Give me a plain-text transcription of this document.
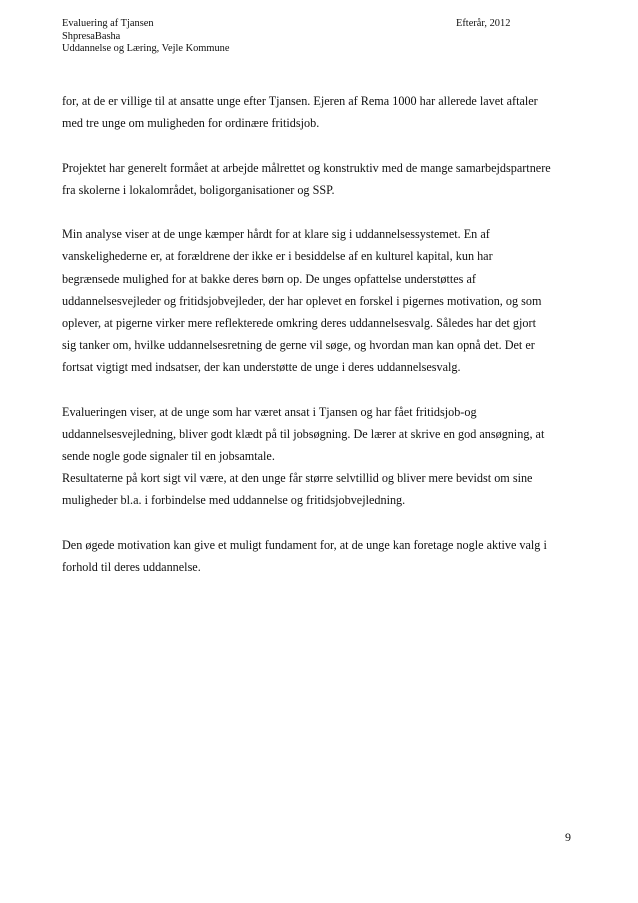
Evaluering af Tjansen	Efterår, 2012
ShpresaBasha
Uddannelse og Læring, Vejle Kommune
for, at de er villige til at ansatte unge efter Tjansen. Ejeren af Rema 1000 har allerede lavet aftaler
med tre unge om muligheden for ordinære fritidsjob.
Projektet har generelt formået at arbejde målrettet og konstruktiv med de mange samarbejdspartnere
fra skolerne i lokalområdet, boligorganisationer og SSP.
Min analyse viser at de unge kæmper hårdt for at klare sig i uddannelsessystemet. En af
vanskelighederne er, at forældrene der ikke er i besiddelse af en kulturel kapital, kun har
begrænsede mulighed for at bakke deres børn op. De unges opfattelse understøttes af
uddannelsesvejleder og fritidsjobvejleder, der har oplevet en forskel i pigernes motivation, og som
oplever, at pigerne virker mere reflekterede omkring deres uddannelsesvalg. Således har det gjort
sig tanker om, hvilke uddannelsesretning de gerne vil søge, og hvordan man kan opnå det. Det er
fortsat vigtigt med indsatser, der kan understøtte de unge i deres uddannelsesvalg.
Evalueringen viser, at de unge som har været ansat i Tjansen og har fået fritidsjob-og
uddannelsesvejledning, bliver godt klædt på til jobsøgning. De lærer at skrive en god ansøgning, at
sende nogle gode signaler til en jobsamtale.
Resultaterne på kort sigt vil være, at den unge får større selvtillid og bliver mere bevidst om sine
muligheder bl.a. i forbindelse med uddannelse og fritidsjobvejledning.
Den øgede motivation kan give et muligt fundament for, at de unge kan foretage nogle aktive valg i
forhold til deres uddannelse.
9
